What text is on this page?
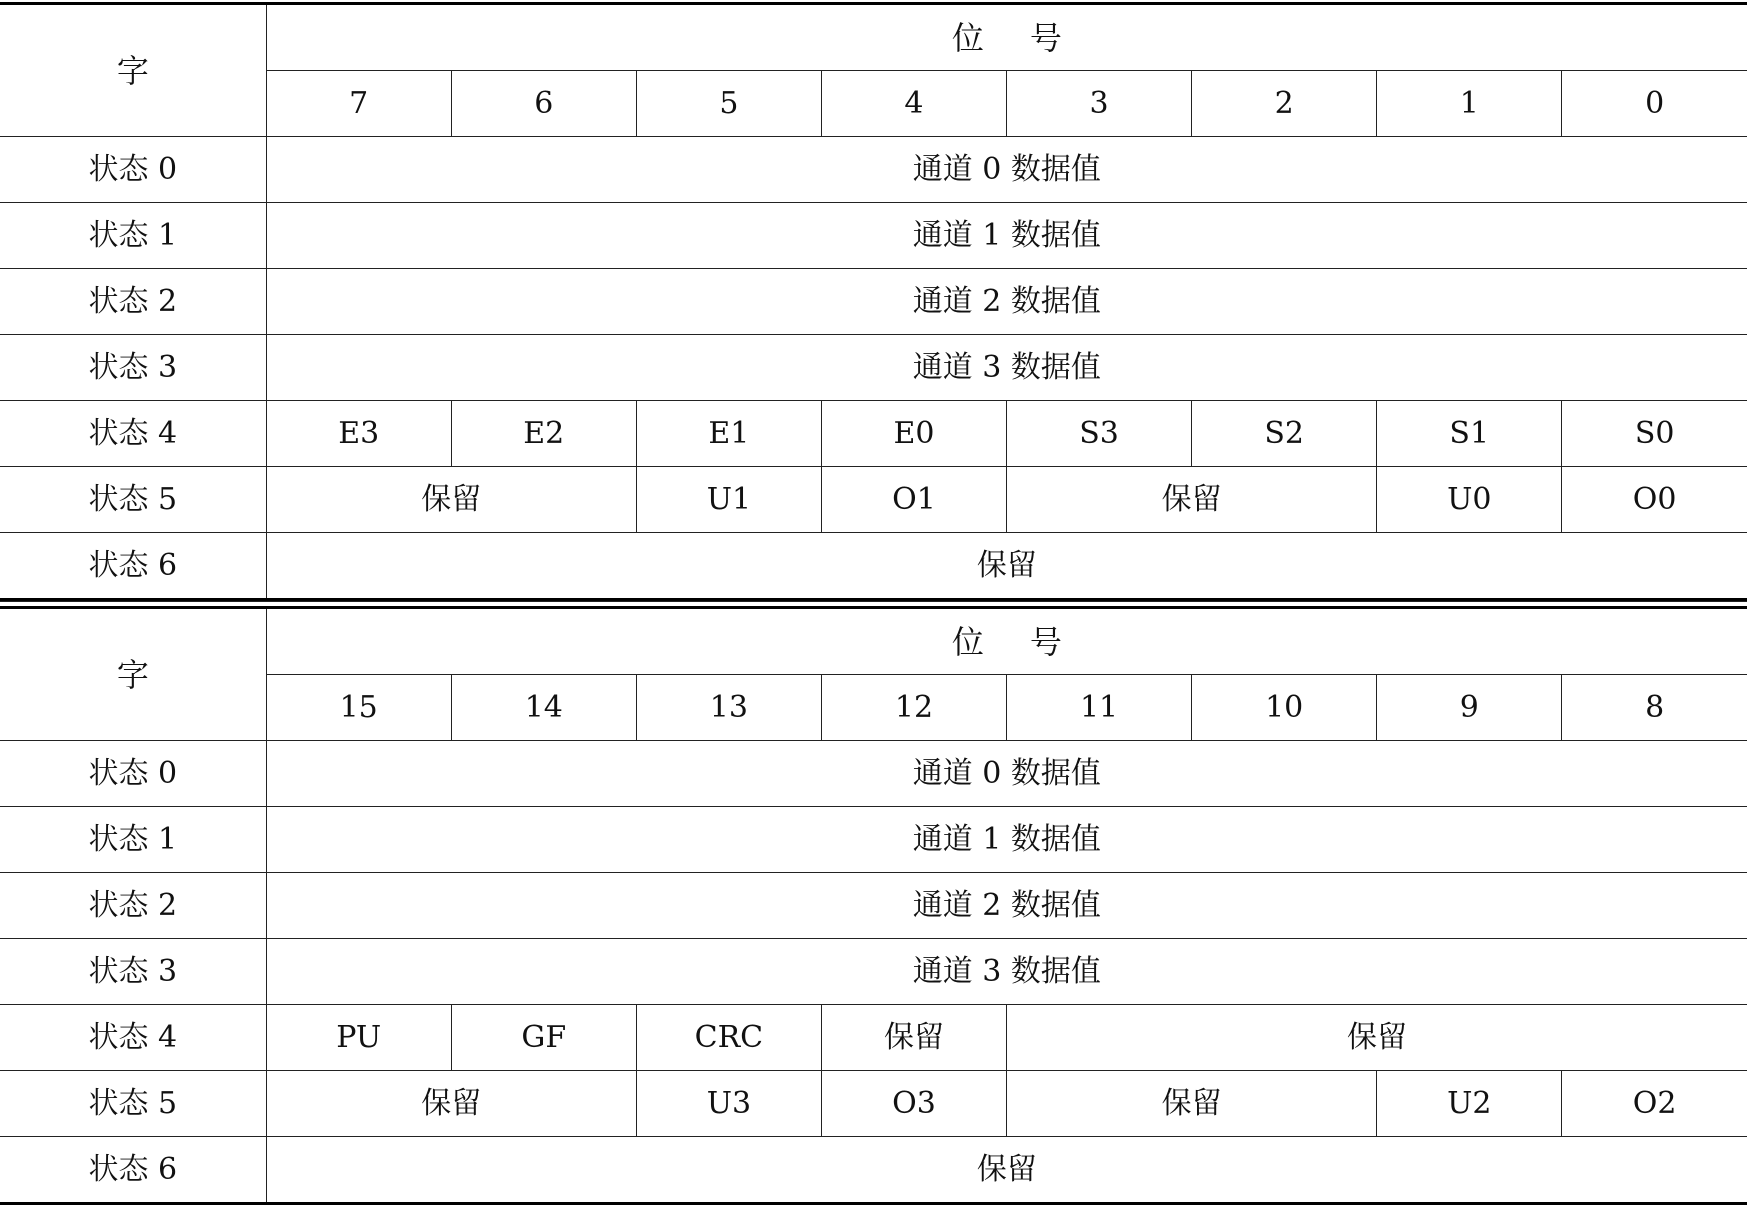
字	位号							
	7	6	5	4	3	2	1	0
状态 0	通道 0 数据值							
状态 1	通道 1 数据值							
状态 2	通道 2 数据值							
状态 3	通道 3 数据值							
状态 4	E3	E2	E1	E0	S3	S2	S1	S0
状态 5	保留		U1	O1	保留		U0	O0
状态 6	保留							
字	位号							
	15	14	13	12	11	10	9	8
状态 0	通道 0 数据值							
状态 1	通道 1 数据值							
状态 2	通道 2 数据值							
状态 3	通道 3 数据值							
状态 4	PU	GF	CRC	保留	保留			
状态 5	保留		U3	O3	保留		U2	O2
状态 6	保留							
